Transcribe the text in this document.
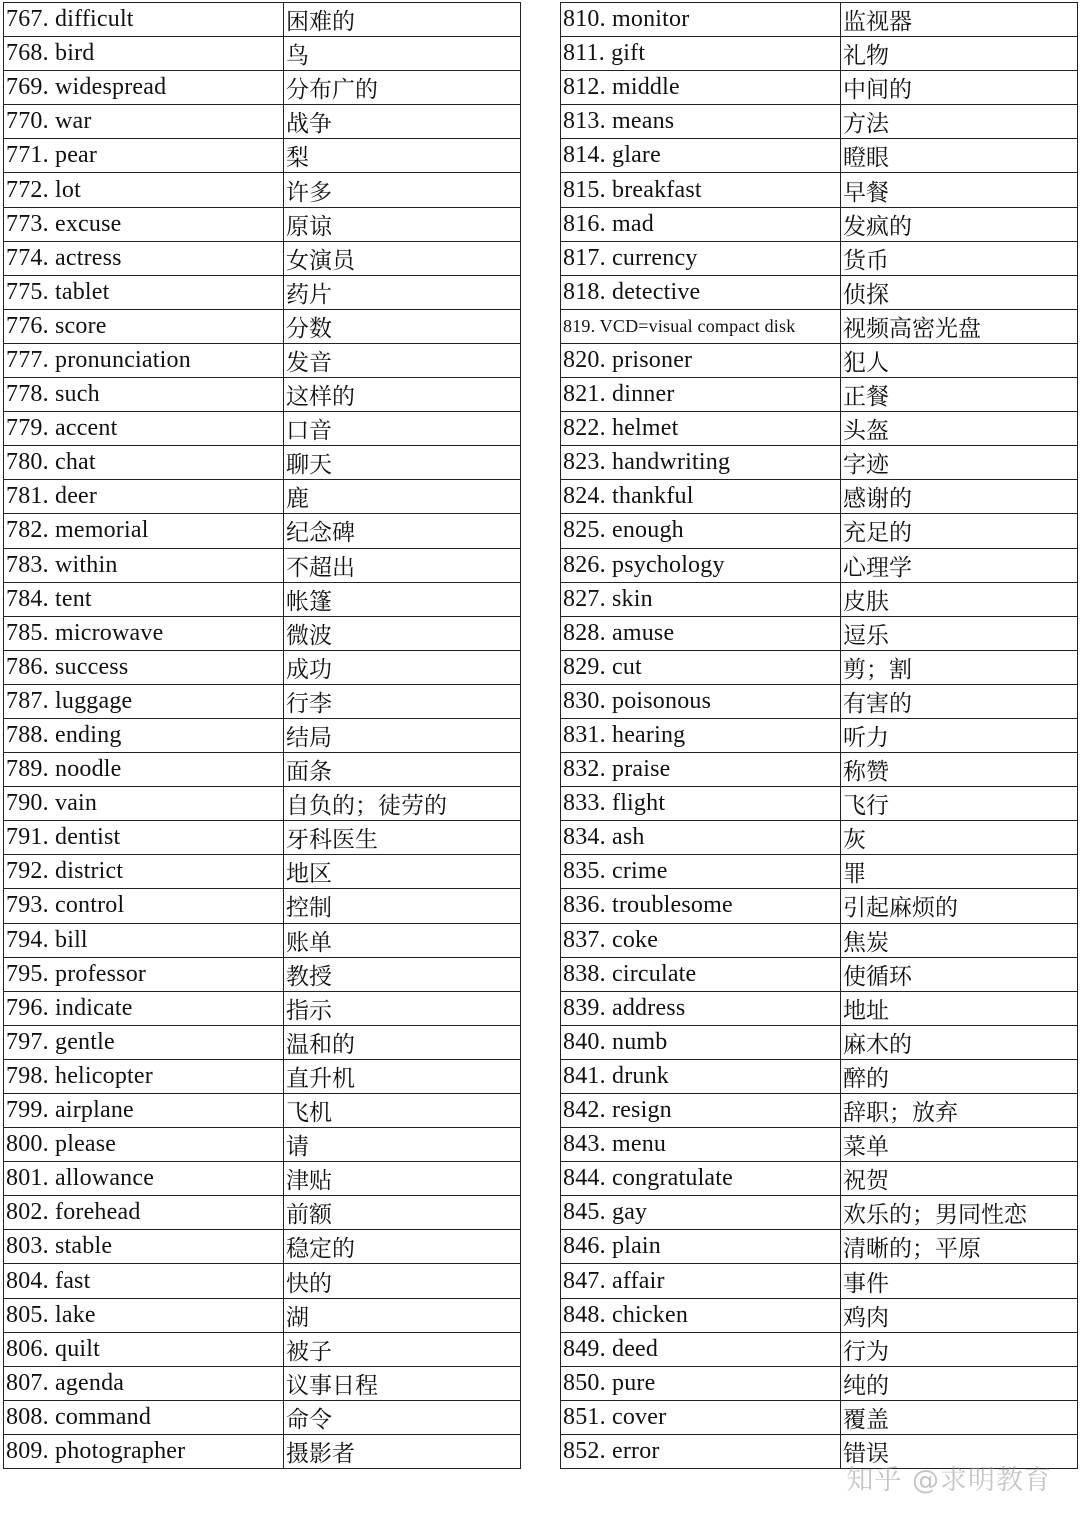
767. difficult	困难的
768. bird	鸟
769. widespread	分布广的
770. war	战争
771. pear	梨
772. lot	许多
773. excuse	原谅
774. actress	女演员
775. tablet	药片
776. score	分数
777. pronunciation	发音
778. such	这样的
779. accent	口音
780. chat	聊天
781. deer	鹿
782. memorial	纪念碑
783. within	不超出
784. tent	帐篷
785. microwave	微波
786. success	成功
787. luggage	行李
788. ending	结局
789. noodle	面条
790. vain	自负的；徒劳的
791. dentist	牙科医生
792. district	地区
793. control	控制
794. bill	账单
795. professor	教授
796. indicate	指示
797. gentle	温和的
798. helicopter	直升机
799. airplane	飞机
800. please	请
801. allowance	津贴
802. forehead	前额
803. stable	稳定的
804. fast	快的
805. lake	湖
806. quilt	被子
807. agenda	议事日程
808. command	命令
809. photographer	摄影者
810. monitor	监视器
811. gift	礼物
812. middle	中间的
813. means	方法
814. glare	瞪眼
815. breakfast	早餐
816. mad	发疯的
817. currency	货币
818. detective	侦探
819. VCD=visual compact disk	视频高密光盘
820. prisoner	犯人
821. dinner	正餐
822. helmet	头盔
823. handwriting	字迹
824. thankful	感谢的
825. enough	充足的
826. psychology	心理学
827. skin	皮肤
828. amuse	逗乐
829. cut	剪；割
830. poisonous	有害的
831. hearing	听力
832. praise	称赞
833. flight	飞行
834. ash	灰
835. crime	罪
836. troublesome	引起麻烦的
837. coke	焦炭
838. circulate	使循环
839. address	地址
840. numb	麻木的
841. drunk	醉的
842. resign	辞职；放弃
843. menu	菜单
844. congratulate	祝贺
845. gay	欢乐的；男同性恋
846. plain	清晰的；平原
847. affair	事件
848. chicken	鸡肉
849. deed	行为
850. pure	纯的
851. cover	覆盖
852. error	错误
知乎 @求明教育
